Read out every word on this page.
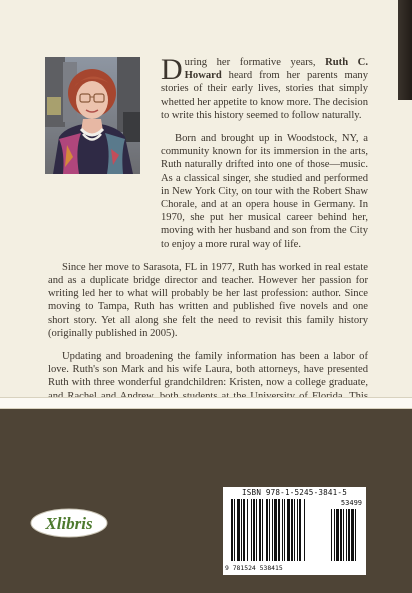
During her formative years, Ruth C. Howard heard from her parents many stories of their early lives, stories that simply whetted her appetite to know more. The decision to write this history seemed to follow naturally.

Born and brought up in Woodstock, NY, a community known for its immersion in the arts, Ruth naturally drifted into one of those—music. As a classical singer, she studied and performed in New York City, on tour with the Robert Shaw Chorale, and at an opera house in Germany. In 1970, she put her musical career behind her, moving with her husband and son from the City to enjoy a more rural way of life.

Since her move to Sarasota, FL in 1977, Ruth has worked in real estate and as a duplicate bridge director and teacher. However her passion for writing led her to what will probably be her last profession: author. Since moving to Tampa, Ruth has written and published five novels and one short story. Yet all along she felt the need to revisit this family history (originally published in 2005).

Updating and broadening the family information has been a labor of love. Ruth's son Mark and his wife Laura, both attorneys, have presented Ruth with three wonderful grandchildren: Kristen, now a college graduate,

Xlibris
ISBN 978-1-5245-3841-5
53499
9 781524 538415
